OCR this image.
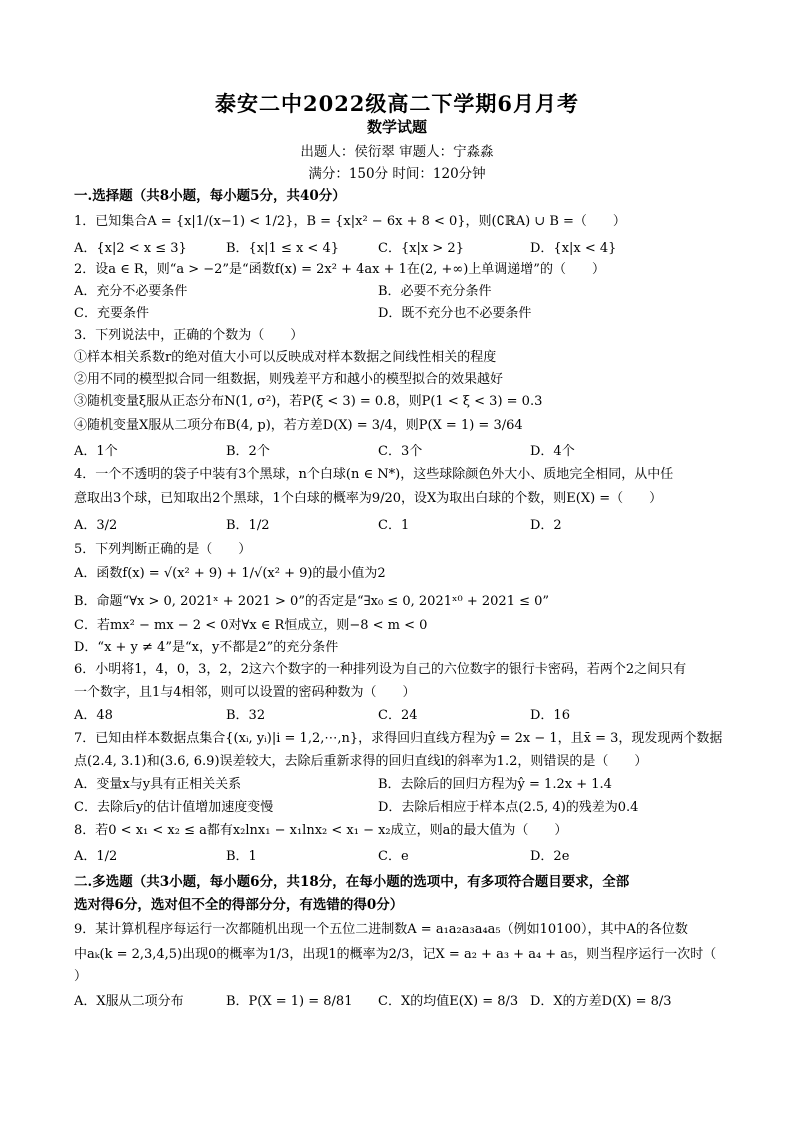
泰安二中2022级高二下学期6月月考
数学试题
出题人：侯衍翠 审题人：宁淼淼
满分：150分 时间：120分钟
一.选择题（共8小题，每小题5分，共40分）
1．已知集合A = {x|1/(x−1) < 1/2}，B = {x|x² − 6x + 8 < 0}，则(∁ℝA) ∪ B =（　　）
A．{x|2 < x ≤ 3}	B．{x|1 ≤ x < 4}	C．{x|x > 2}	D．{x|x < 4}
2．设a ∈ R，则“a > −2”是“函数f(x) = 2x² + 4ax + 1在(2, +∞)上单调递增”的（　　）
A．充分不必要条件	B．必要不充分条件
C．充要条件	D．既不充分也不必要条件
3．下列说法中，正确的个数为（　　）
①样本相关系数r的绝对值大小可以反映成对样本数据之间线性相关的程度
②用不同的模型拟合同一组数据，则残差平方和越小的模型拟合的效果越好
③随机变量ξ服从正态分布N(1, σ²)，若P(ξ < 3) = 0.8，则P(1 < ξ < 3) = 0.3
④随机变量X服从二项分布B(4, p)，若方差D(X) = 3/4，则P(X = 1) = 3/64
A．1个	B．2个	C．3个	D．4个
4．一个不透明的袋子中装有3个黑球，n个白球(n ∈ N*)，这些球除颜色外大小、质地完全相同，从中任
意取出3个球，已知取出2个黑球，1个白球的概率为9/20，设X为取出白球的个数，则E(X) =（　　）
A．3/2	B．1/2	C．1	D．2
5．下列判断正确的是（　　）
A．函数f(x) = √(x² + 9) + 1/√(x² + 9)的最小值为2
B．命题“∀x > 0, 2021ˣ + 2021 > 0”的否定是“∃x₀ ≤ 0, 2021ˣ⁰ + 2021 ≤ 0”
C．若mx² − mx − 2 < 0对∀x ∈ R恒成立，则−8 < m < 0
D．“x + y ≠ 4”是“x，y不都是2”的充分条件
6．小明将1，4，0，3，2，2这六个数字的一种排列设为自己的六位数字的银行卡密码，若两个2之间只有
一个数字，且1与4相邻，则可以设置的密码种数为（　　）
A．48	B．32	C．24	D．16
7．已知由样本数据点集合{(xᵢ, yᵢ)|i = 1,2,⋯,n}，求得回归直线方程为ŷ = 2x − 1，且x̄ = 3，现发现两个数据
点(2.4, 3.1)和(3.6, 6.9)误差较大，去除后重新求得的回归直线l的斜率为1.2，则错误的是（　　）
A．变量x与y具有正相关关系	B．去除后的回归方程为ŷ = 1.2x + 1.4
C．去除后y的估计值增加速度变慢	D．去除后相应于样本点(2.5, 4)的残差为0.4
8．若0 < x₁ < x₂ ≤ a都有x₂lnx₁ − x₁lnx₂ < x₁ − x₂成立，则a的最大值为（　　）
A．1/2	B．1	C．e	D．2e
二.多选题（共3小题，每小题6分，共18分，在每小题的选项中，有多项符合题目要求，全部
选对得6分，选对但不全的得部分分，有选错的得0分）
9．某计算机程序每运行一次都随机出现一个五位二进制数A = a₁a₂a₃a₄a₅（例如10100），其中A的各位数
中aₖ(k = 2,3,4,5)出现0的概率为1/3，出现1的概率为2/3，记X = a₂ + a₃ + a₄ + a₅，则当程序运行一次时（
）
A．X服从二项分布	B．P(X = 1) = 8/81 C．X的均值E(X) = 8/3 D．X的方差D(X) = 8/3
